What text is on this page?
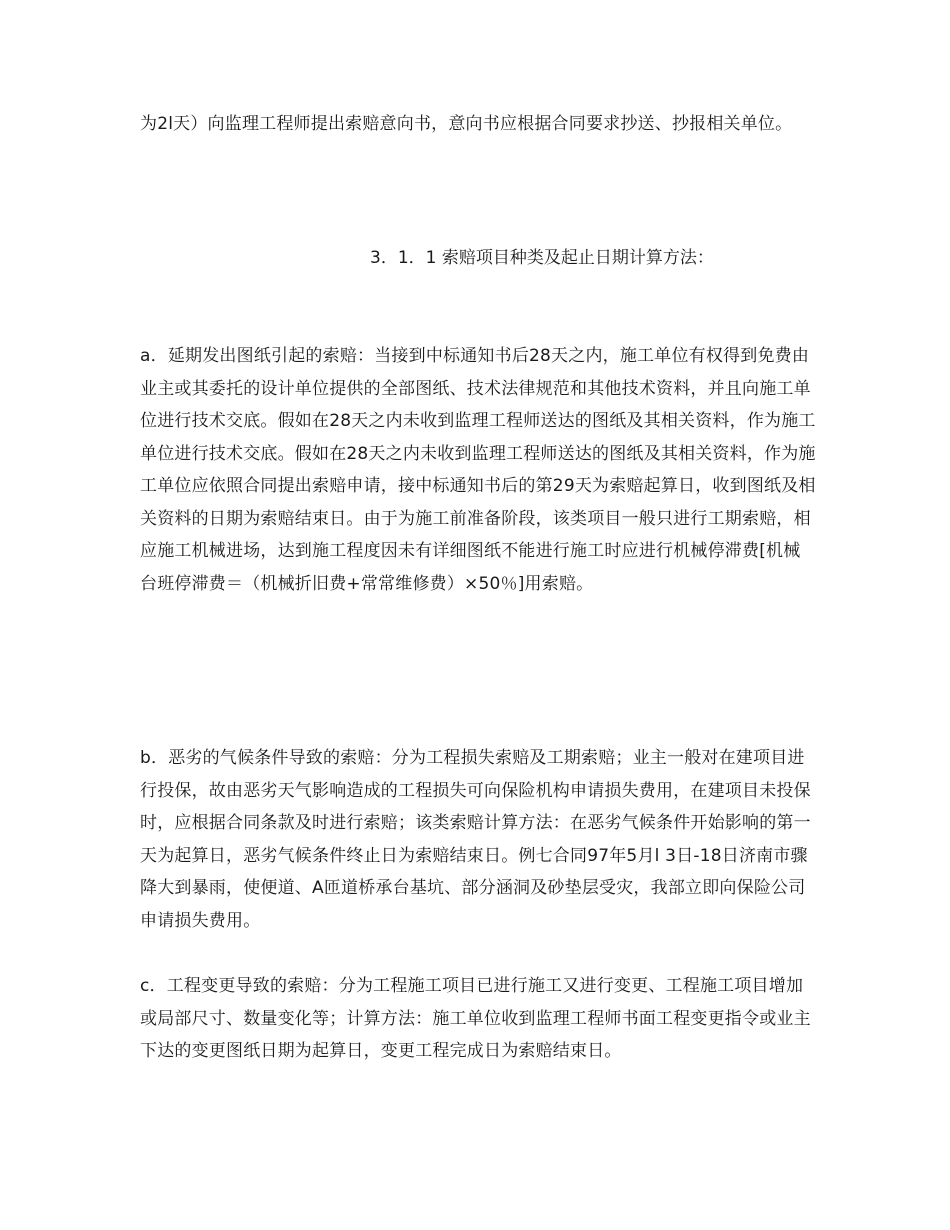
为2l天）向监理工程师提出索赔意向书，意向书应根据合同要求抄送、抄报相关单位。

3．1．1 索赔项目种类及起止日期计算方法：

a．延期发出图纸引起的索赔：当接到中标通知书后28天之内，施工单位有权得到免费由业主或其委托的设计单位提供的全部图纸、技术法律规范和其他技术资料，并且向施工单位进行技术交底。假如在28天之内未收到监理工程师送达的图纸及其相关资料，作为施工单位进行技术交底。假如在28天之内未收到监理工程师送达的图纸及其相关资料，作为施工单位应依照合同提出索赔申请，接中标通知书后的第29天为索赔起算日，收到图纸及相关资料的日期为索赔结束日。由于为施工前准备阶段，该类项目一般只进行工期索赔，相应施工机械进场，达到施工程度因未有详细图纸不能进行施工时应进行机械停滞费[机械台班停滞费＝（机械折旧费+常常维修费）×50％]用索赔。

b．恶劣的气候条件导致的索赔：分为工程损失索赔及工期索赔；业主一般对在建项目进行投保，故由恶劣天气影响造成的工程损失可向保险机构申请损失费用，在建项目未投保时，应根据合同条款及时进行索赔；该类索赔计算方法：在恶劣气候条件开始影响的第一天为起算日，恶劣气候条件终止日为索赔结束日。例七合同97年5月l 3日-18日济南市骤降大到暴雨，使便道、A匝道桥承台基坑、部分涵洞及砂垫层受灾，我部立即向保险公司申请损失费用。

c．工程变更导致的索赔：分为工程施工项目已进行施工又进行变更、工程施工项目增加或局部尺寸、数量变化等；计算方法：施工单位收到监理工程师书面工程变更指令或业主下达的变更图纸日期为起算日，变更工程完成日为索赔结束日。
